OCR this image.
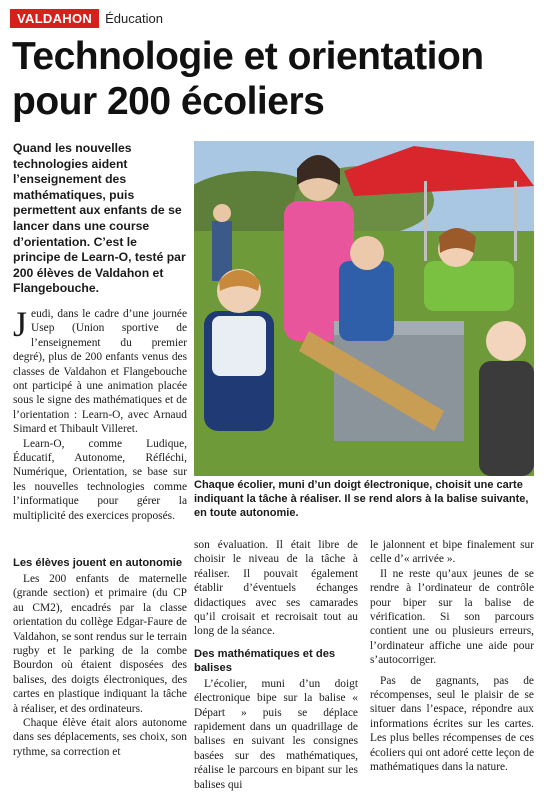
VALDAHON	Éducation
Technologie et orientation pour 200 écoliers

Quand les nouvelles technologies aident l’enseignement des mathématiques, puis permettent aux enfants de se lancer dans une course d’orientation. C’est le principe de Learn-O, testé par 200 élèves de Valdahon et Flangebouche.

Jeudi, dans le cadre d’une journée Usep (Union sportive de l’enseignement du premier degré), plus de 200 enfants venus des classes de Valdahon et Flangebouche ont participé à une animation placée sous le signe des mathématiques et de l’orientation : Learn-O, avec Arnaud Simard et Thibault Villeret.

Learn-O, comme Ludique, Éducatif, Autonome, Réfléchi, Numérique, Orientation, se base sur les nouvelles technologies comme l’informatique pour gérer la multiplicité des exercices proposés.

Les élèves jouent en autonomie

Les 200 enfants de maternelle (grande section) et primaire (du CP au CM2), encadrés par la classe orientation du collège Edgar-Faure de Valdahon, se sont rendus sur le terrain rugby et le parking de la combe Bourdon où étaient disposées des balises, des doigts électroniques, des cartes en plastique indiquant la tâche à réaliser, et des ordinateurs.

Chaque élève était alors autonome dans ses déplacements, ses choix, son rythme, sa correction et

Chaque écolier, muni d’un doigt électronique, choisit une carte indiquant la tâche à réaliser. Il se rend alors à la balise suivante, en toute autonomie.

son évaluation. Il était libre de choisir le niveau de la tâche à réaliser. Il pouvait également établir d’éventuels échanges didactiques avec ses camarades qu’il croisait et recroisait tout au long de la séance.

Des mathématiques et des balises

L’écolier, muni d’un doigt électronique bipe sur la balise « Départ » puis se déplace rapidement dans un quadrillage de balises en suivant les consignes basées sur des mathématiques, réalise le parcours en bipant sur les balises qui

le jalonnent et bipe finalement sur celle d’« arrivée ».

Il ne reste qu’aux jeunes de se rendre à l’ordinateur de contrôle pour biper sur la balise de vérification. Si son parcours contient une ou plusieurs erreurs, l’ordinateur affiche une aide pour s’autocorriger.

Pas de gagnants, pas de récompenses, seul le plaisir de se situer dans l’espace, répondre aux informations écrites sur les cartes. Les plus belles récompenses de ces écoliers qui ont adoré cette leçon de mathématiques dans la nature.
